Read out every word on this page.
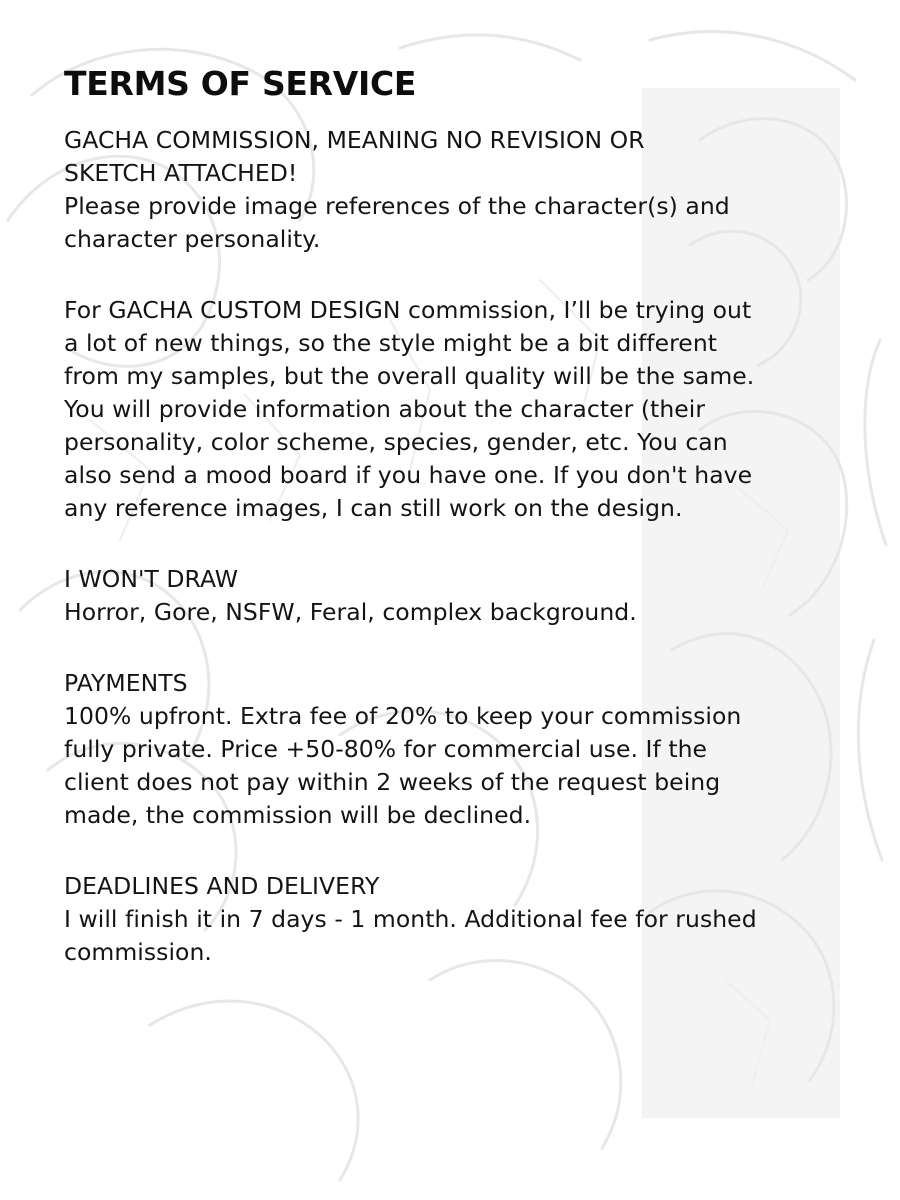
TERMS OF SERVICE
GACHA COMMISSION, MEANING NO REVISION OR
SKETCH ATTACHED!
Please provide image references of the character(s) and
character personality.
For GACHA CUSTOM DESIGN commission, I’ll be trying out
a lot of new things, so the style might be a bit different
from my samples, but the overall quality will be the same.
You will provide information about the character (their
personality, color scheme, species, gender, etc. You can
also send a mood board if you have one. If you don't have
any reference images, I can still work on the design.
I WON'T DRAW
Horror, Gore, NSFW, Feral, complex background.
PAYMENTS
100% upfront. Extra fee of 20% to keep your commission
fully private. Price +50-80% for commercial use. If the
client does not pay within 2 weeks of the request being
made, the commission will be declined.
DEADLINES AND DELIVERY
I will finish it in 7 days - 1 month. Additional fee for rushed
commission.
